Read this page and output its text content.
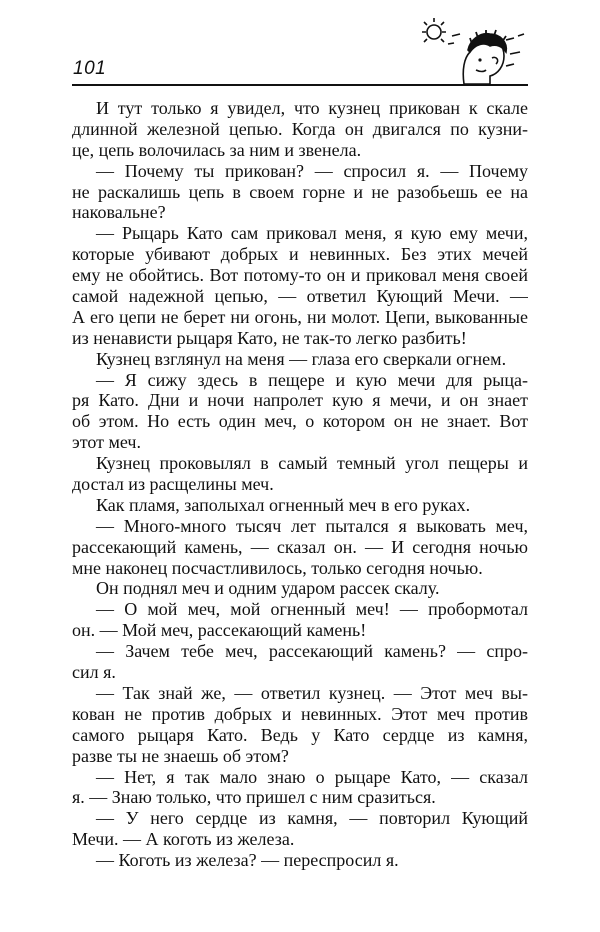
101
И тут только я увидел, что кузнец прикован к скале
длинной железной цепью. Когда он двигался по кузни-
це, цепь волочилась за ним и звенела.
— Почему ты прикован? — спросил я. — Почему
не раскалишь цепь в своем горне и не разобьешь ее на
наковальне?
— Рыцарь Като сам приковал меня, я кую ему мечи,
которые убивают добрых и невинных. Без этих мечей
ему не обойтись. Вот потому-то он и приковал меня своей
самой надежной цепью, — ответил Кующий Мечи. —
А его цепи не берет ни огонь, ни молот. Цепи, выкованные
из ненависти рыцаря Като, не так-то легко разбить!
Кузнец взглянул на меня — глаза его сверкали огнем.
— Я сижу здесь в пещере и кую мечи для рыца-
ря Като. Дни и ночи напролет кую я мечи, и он знает
об этом. Но есть один меч, о котором он не знает. Вот
этот меч.
Кузнец проковылял в самый темный угол пещеры и
достал из расщелины меч.
Как пламя, заполыхал огненный меч в его руках.
— Много-много тысяч лет пытался я выковать меч,
рассекающий камень, — сказал он. — И сегодня ночью
мне наконец посчастливилось, только сегодня ночью.
Он поднял меч и одним ударом рассек скалу.
— О мой меч, мой огненный меч! — пробормотал
он. — Мой меч, рассекающий камень!
— Зачем тебе меч, рассекающий камень? — спро-
сил я.
— Так знай же, — ответил кузнец. — Этот меч вы-
кован не против добрых и невинных. Этот меч против
самого рыцаря Като. Ведь у Като сердце из камня,
разве ты не знаешь об этом?
— Нет, я так мало знаю о рыцаре Като, — сказал
я. — Знаю только, что пришел с ним сразиться.
— У него сердце из камня, — повторил Кующий
Мечи. — А коготь из железа.
— Коготь из железа? — переспросил я.
